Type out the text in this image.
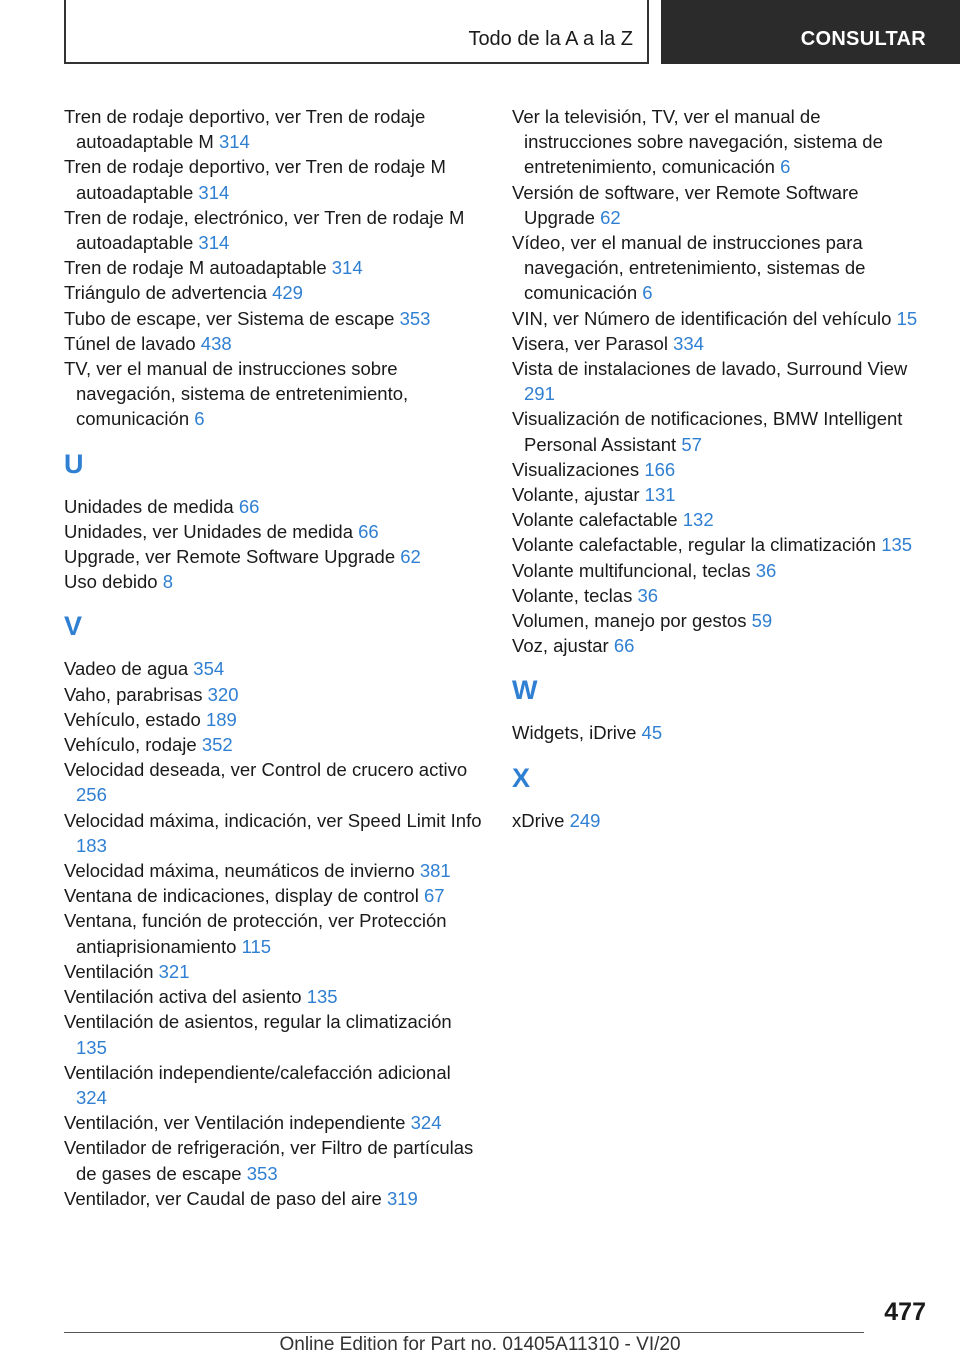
Todo de la A a la Z	CONSULTAR
Tren de rodaje deportivo, ver Tren de rodaje autoadaptable M 314
Tren de rodaje deportivo, ver Tren de rodaje M autoadaptable 314
Tren de rodaje, electrónico, ver Tren de rodaje M autoadaptable 314
Tren de rodaje M autoadaptable 314
Triángulo de advertencia 429
Tubo de escape, ver Sistema de escape 353
Túnel de lavado 438
TV, ver el manual de instrucciones sobre navegación, sistema de entretenimiento, comunicación 6
U
Unidades de medida 66
Unidades, ver Unidades de medida 66
Upgrade, ver Remote Software Upgrade 62
Uso debido 8
V
Vadeo de agua 354
Vaho, parabrisas 320
Vehículo, estado 189
Vehículo, rodaje 352
Velocidad deseada, ver Control de crucero activo 256
Velocidad máxima, indicación, ver Speed Limit Info 183
Velocidad máxima, neumáticos de invierno 381
Ventana de indicaciones, display de control 67
Ventana, función de protección, ver Protección antiaprisionamiento 115
Ventilación 321
Ventilación activa del asiento 135
Ventilación de asientos, regular la climatización 135
Ventilación independiente/calefacción adicional 324
Ventilación, ver Ventilación independiente 324
Ventilador de refrigeración, ver Filtro de partículas de gases de escape 353
Ventilador, ver Caudal de paso del aire 319
Ver la televisión, TV, ver el manual de instrucciones sobre navegación, sistema de entretenimiento, comunicación 6
Versión de software, ver Remote Software Upgrade 62
Vídeo, ver el manual de instrucciones para navegación, entretenimiento, sistemas de comunicación 6
VIN, ver Número de identificación del vehículo 15
Visera, ver Parasol 334
Vista de instalaciones de lavado, Surround View 291
Visualización de notificaciones, BMW Intelligent Personal Assistant 57
Visualizaciones 166
Volante, ajustar 131
Volante calefactable 132
Volante calefactable, regular la climatización 135
Volante multifuncional, teclas 36
Volante, teclas 36
Volumen, manejo por gestos 59
Voz, ajustar 66
W
Widgets, iDrive 45
X
xDrive 249
477
Online Edition for Part no. 01405A11310 - VI/20
